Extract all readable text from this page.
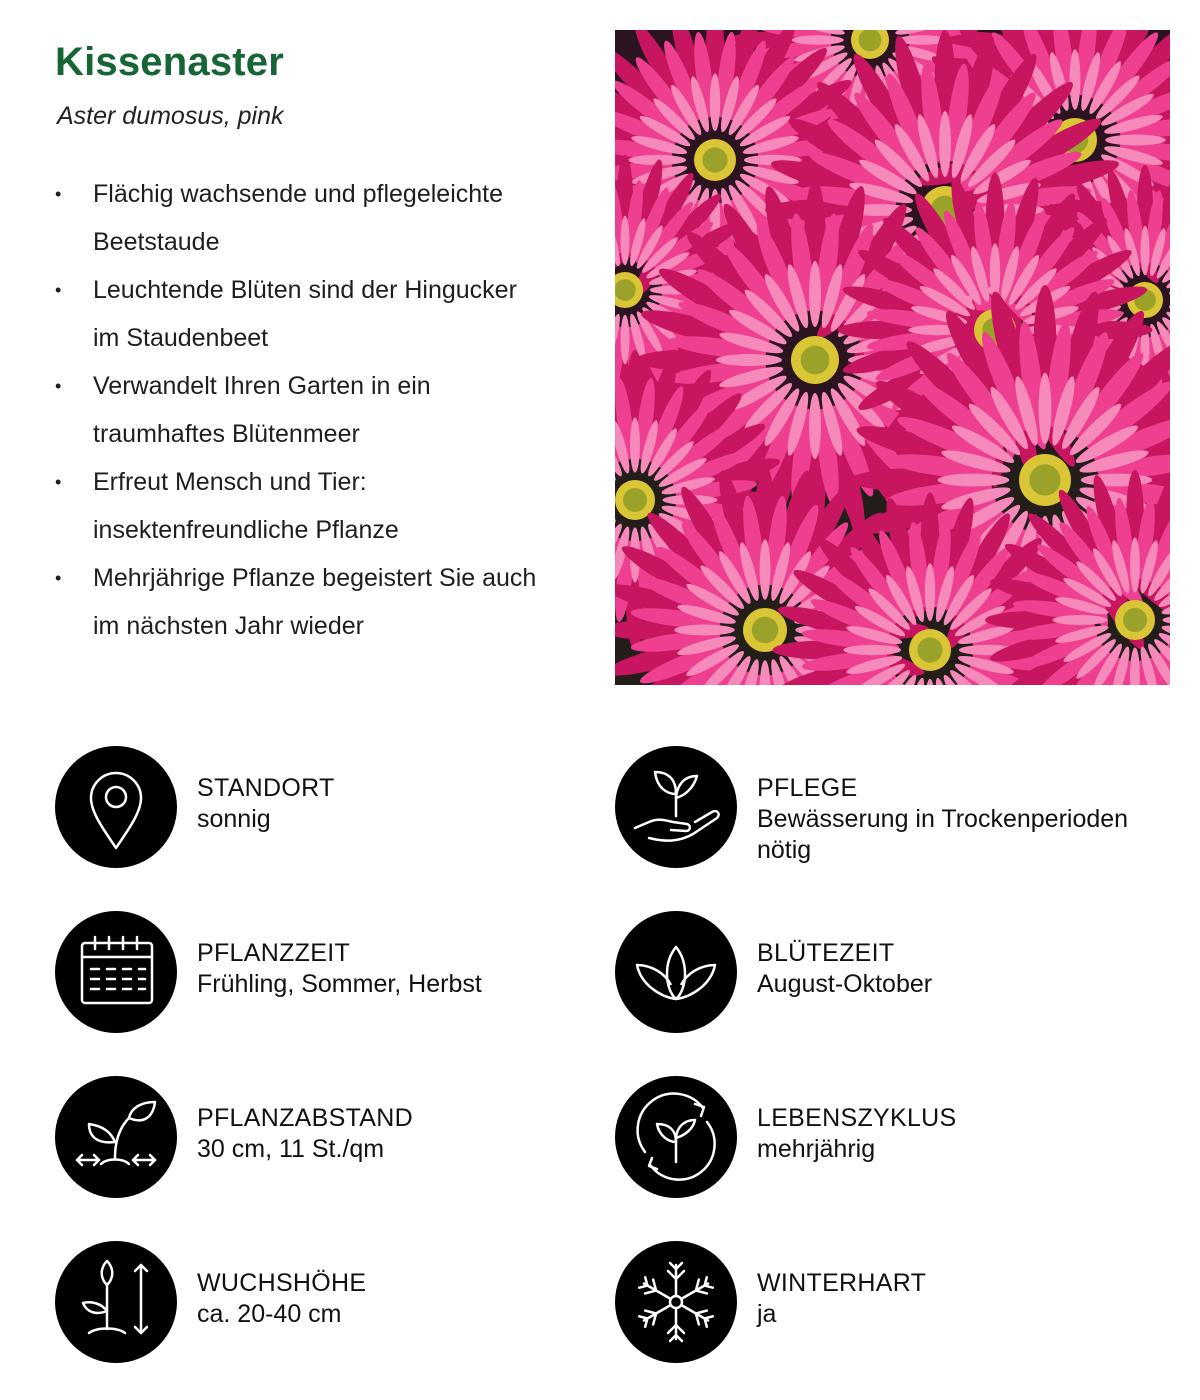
Kissenaster

Aster dumosus, pink

• Flächig wachsende und pflegeleichte Beetstaude
• Leuchtende Blüten sind der Hingucker im Staudenbeet
• Verwandelt Ihren Garten in ein traumhaftes Blütenmeer
• Erfreut Mensch und Tier: insektenfreundliche Pflanze
• Mehrjährige Pflanze begeistert Sie auch im nächsten Jahr wieder

STANDORT

sonnig

PFLEGE

Bewässerung in Trockenperioden nötig

PFLANZZEIT

Frühling, Sommer, Herbst

BLÜTEZEIT

August-Oktober

PFLANZABSTAND

30 cm, 11 St./qm

LEBENSZYKLUS

mehrjährig

WUCHSHÖHE

ca. 20-40 cm

WINTERHART

ja
